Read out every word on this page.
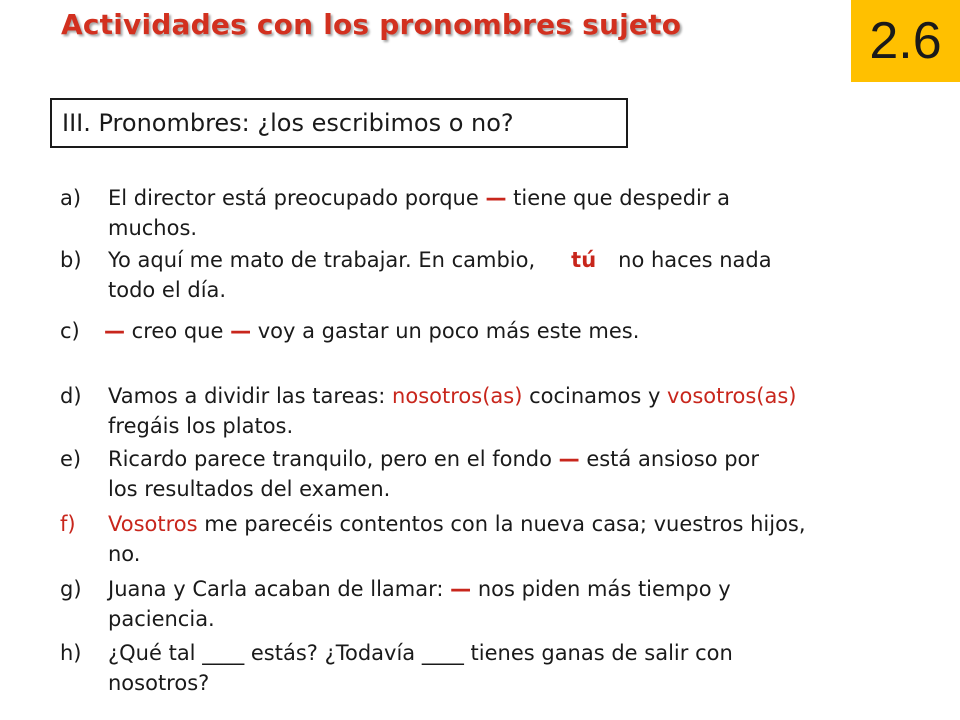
Actividades con los pronombres sujeto	2.6
III. Pronombres: ¿los escribimos o no?
a)	El director está preocupado porque — tiene que despedir a
muchos.
b)	Yo aquí me mato de trabajar. En cambio, tú no haces nada
todo el día.
c)	— creo que — voy a gastar un poco más este mes.
d)	Vamos a dividir las tareas: nosotros(as) cocinamos y vosotros(as)
fregáis los platos.
e)	Ricardo parece tranquilo, pero en el fondo — está ansioso por
los resultados del examen.
f)	Vosotros me parecéis contentos con la nueva casa; vuestros hijos,
no.
g)	Juana y Carla acaban de llamar: — nos piden más tiempo y
paciencia.
h)	¿Qué tal ____ estás? ¿Todavía ____ tienes ganas de salir con
nosotros?
